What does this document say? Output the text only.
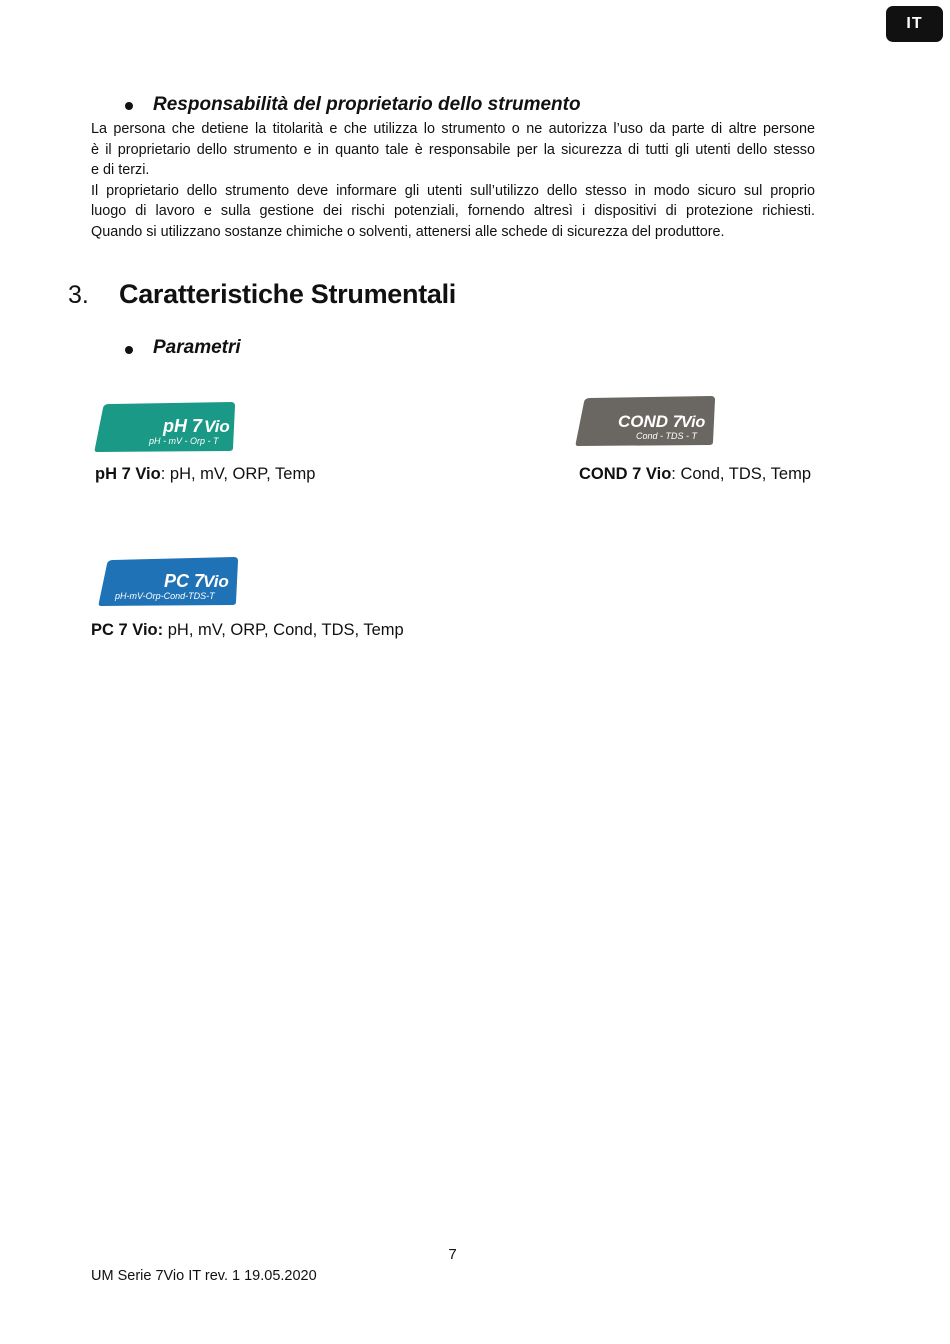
IT
Responsabilità del proprietario dello strumento

La persona che detiene la titolarità e che utilizza lo strumento o ne autorizza l’uso da parte di altre persone

è il proprietario dello strumento e in quanto tale è responsabile per la sicurezza di tutti gli utenti dello stesso

e di terzi.

Il proprietario dello strumento deve informare gli utenti sull’utilizzo dello stesso in modo sicuro sul proprio

luogo di lavoro e sulla gestione dei rischi potenziali, fornendo altresì i dispositivi di protezione richiesti.

Quando si utilizzano sostanze chimiche o solventi, attenersi alle schede di sicurezza del produttore.

3. Caratteristiche Strumentali
Parametri
pH 7 Vio
pH - mV - Orp - T
COND 7
Vio
Cond - TDS - T
PC 7
Vio
pH-mV-Orp-Cond-TDS-T
pH 7 Vio: pH, mV, ORP, Temp	COND 7 Vio: Cond, TDS, Temp
PC 7 Vio: pH, mV, ORP, Cond, TDS, Temp
7
UM Serie 7Vio IT rev. 1 19.05.2020
